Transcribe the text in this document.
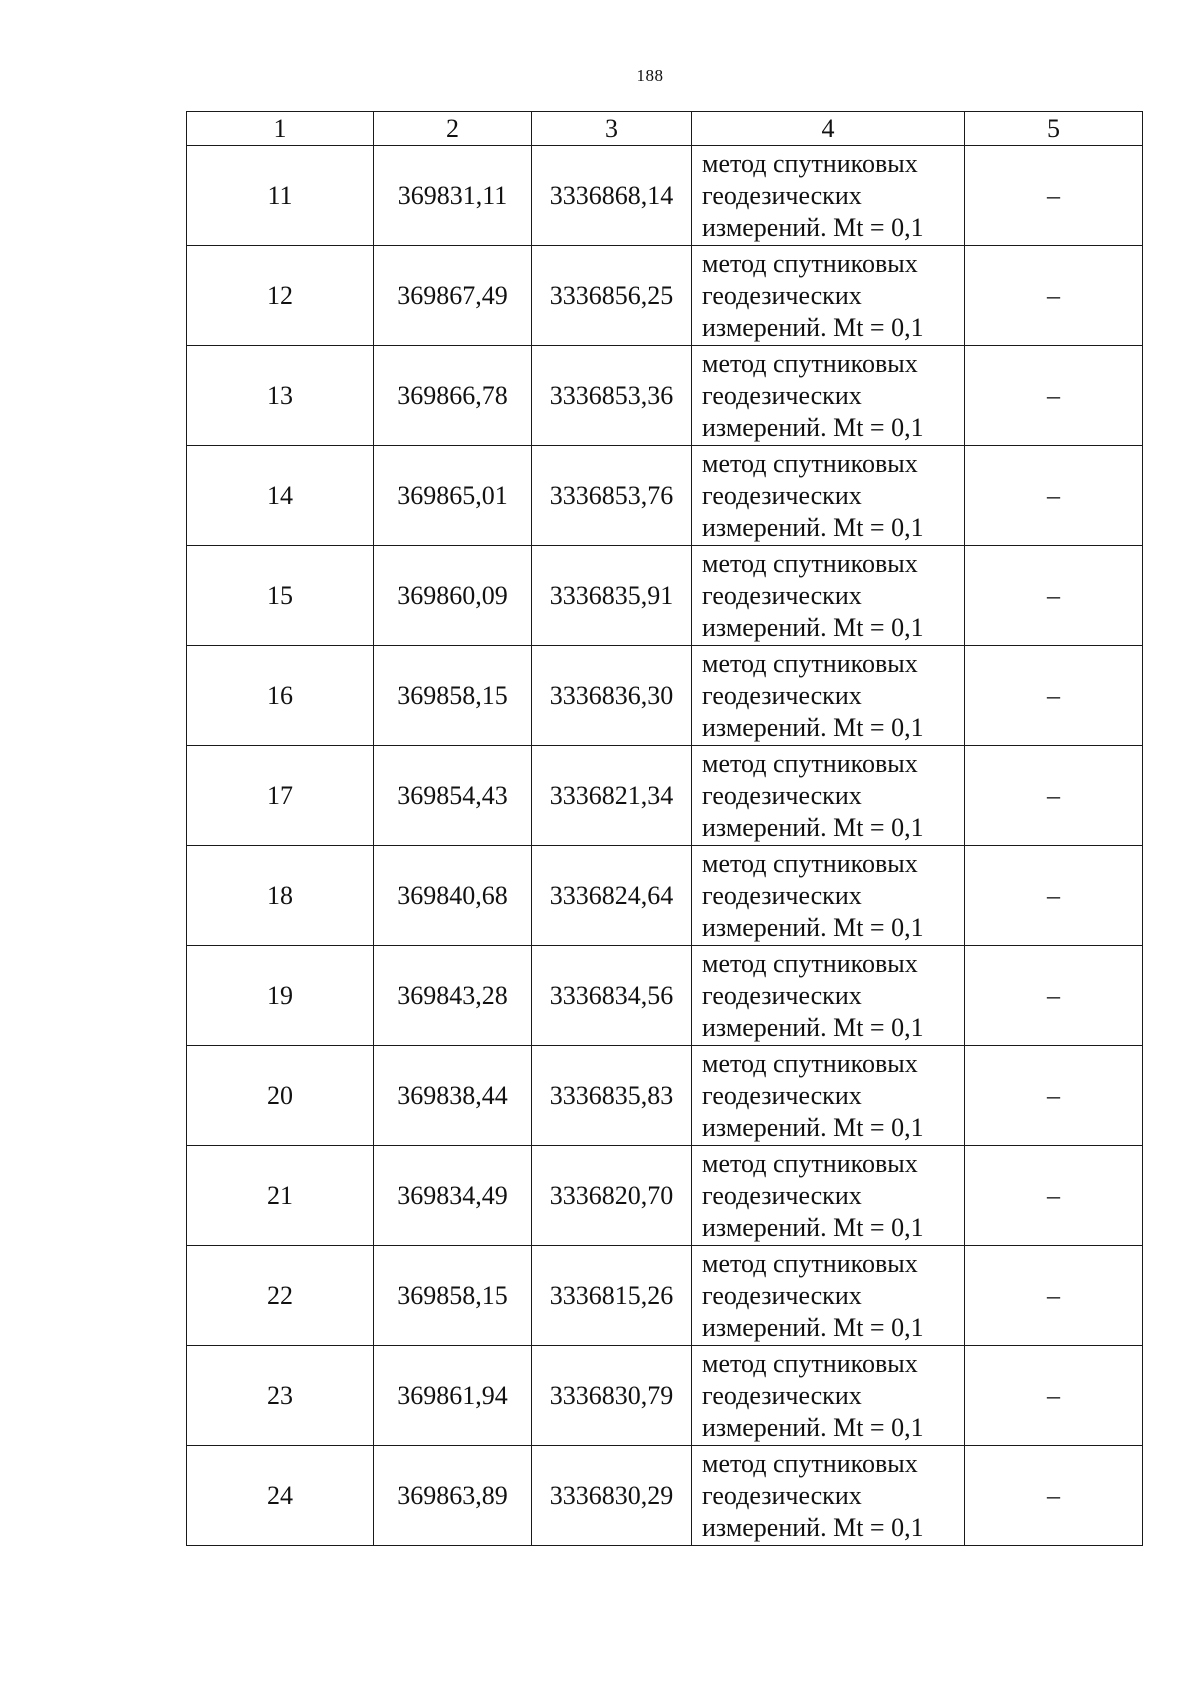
188
1	2	3	4	5
11	369831,11	3336868,14	метод спутниковых
геодезических
измерений. Mt = 0,1	–
12	369867,49	3336856,25	метод спутниковых
геодезических
измерений. Mt = 0,1	–
13	369866,78	3336853,36	метод спутниковых
геодезических
измерений. Mt = 0,1	–
14	369865,01	3336853,76	метод спутниковых
геодезических
измерений. Mt = 0,1	–
15	369860,09	3336835,91	метод спутниковых
геодезических
измерений. Mt = 0,1	–
16	369858,15	3336836,30	метод спутниковых
геодезических
измерений. Mt = 0,1	–
17	369854,43	3336821,34	метод спутниковых
геодезических
измерений. Mt = 0,1	–
18	369840,68	3336824,64	метод спутниковых
геодезических
измерений. Mt = 0,1	–
19	369843,28	3336834,56	метод спутниковых
геодезических
измерений. Mt = 0,1	–
20	369838,44	3336835,83	метод спутниковых
геодезических
измерений. Mt = 0,1	–
21	369834,49	3336820,70	метод спутниковых
геодезических
измерений. Mt = 0,1	–
22	369858,15	3336815,26	метод спутниковых
геодезических
измерений. Mt = 0,1	–
23	369861,94	3336830,79	метод спутниковых
геодезических
измерений. Mt = 0,1	–
24	369863,89	3336830,29	метод спутниковых
геодезических
измерений. Mt = 0,1	–
